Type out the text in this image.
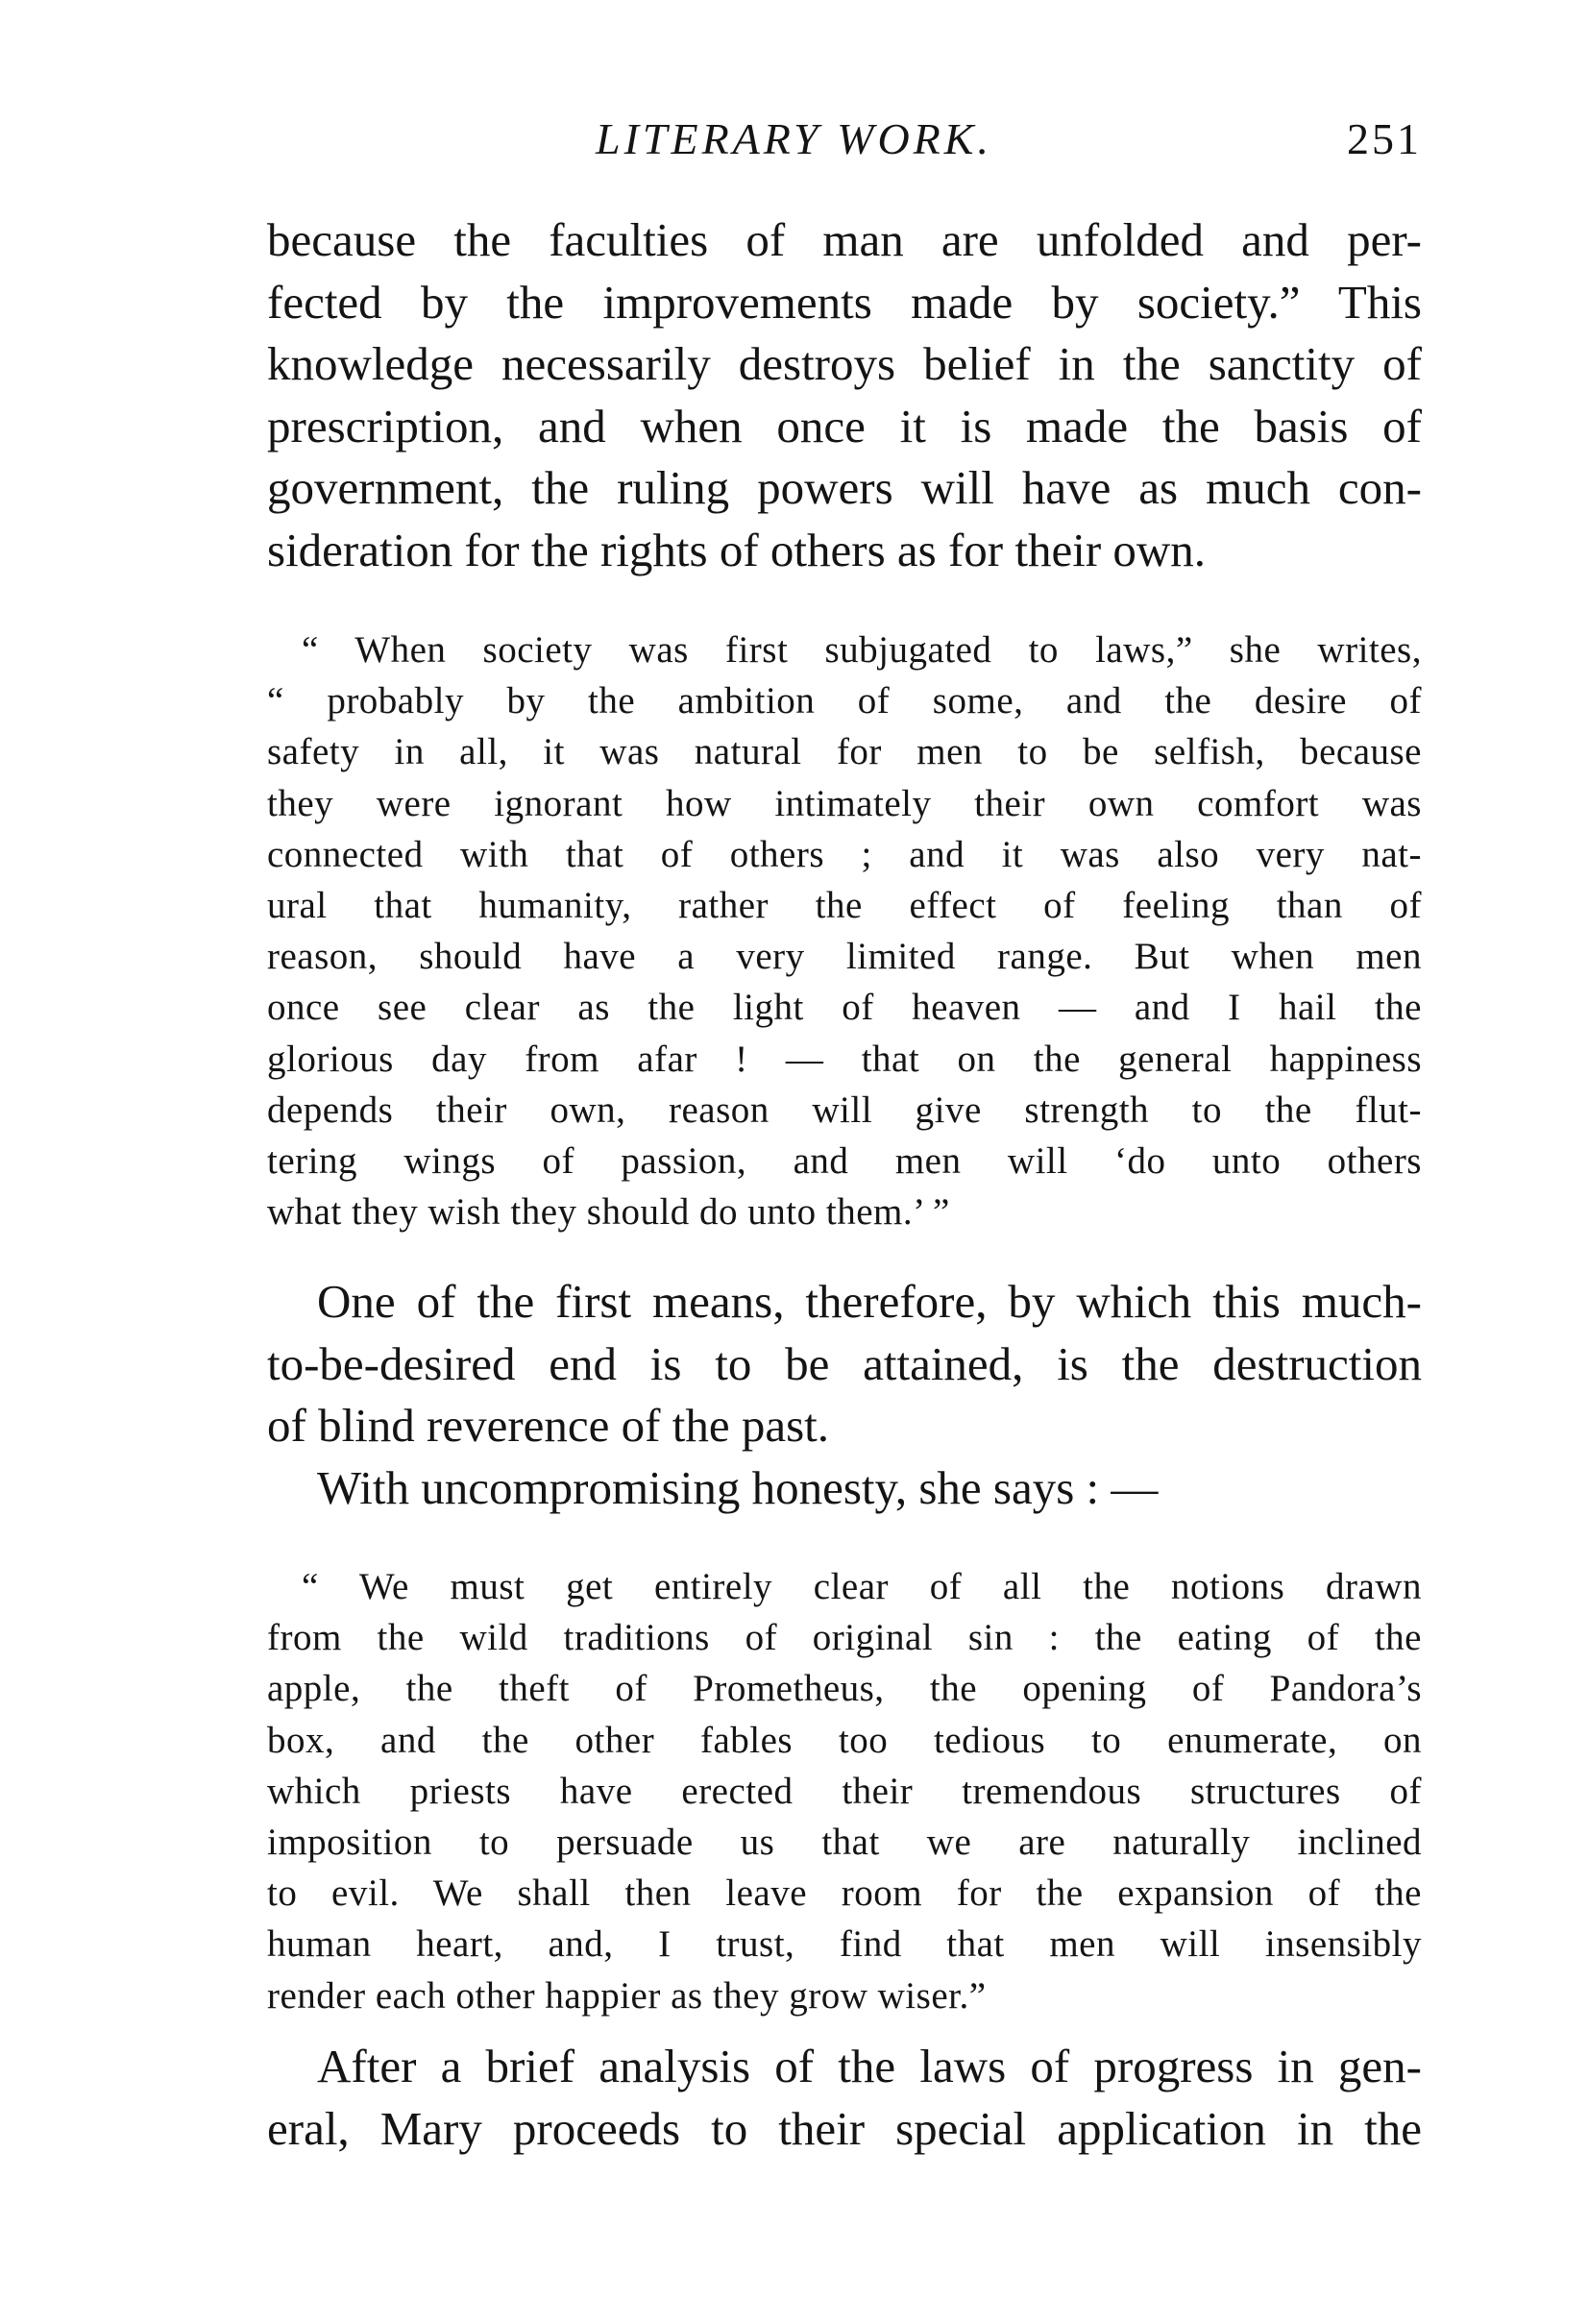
LITERARY WORK.	251
because the faculties of man are unfolded and per-
fected by the improvements made by society.” This
knowledge necessarily destroys belief in the sanctity of
prescription, and when once it is made the basis of
government, the ruling powers will have as much con-
sideration for the rights of others as for their own.
“ When society was first subjugated to laws,” she writes,
“ probably by the ambition of some, and the desire of
safety in all, it was natural for men to be selfish, because
they were ignorant how intimately their own comfort was
connected with that of others ; and it was also very nat-
ural that humanity, rather the effect of feeling than of
reason, should have a very limited range. But when men
once see clear as the light of heaven — and I hail the
glorious day from afar ! — that on the general happiness
depends their own, reason will give strength to the flut-
tering wings of passion, and men will ‘do unto others
what they wish they should do unto them.’ ”
One of the first means, therefore, by which this much-
to-be-desired end is to be attained, is the destruction
of blind reverence of the past.
With uncompromising honesty, she says : —
“ We must get entirely clear of all the notions drawn
from the wild traditions of original sin : the eating of the
apple, the theft of Prometheus, the opening of Pandora’s
box, and the other fables too tedious to enumerate, on
which priests have erected their tremendous structures of
imposition to persuade us that we are naturally inclined
to evil. We shall then leave room for the expansion of the
human heart, and, I trust, find that men will insensibly
render each other happier as they grow wiser.”
After a brief analysis of the laws of progress in gen-
eral, Mary proceeds to their special application in the
